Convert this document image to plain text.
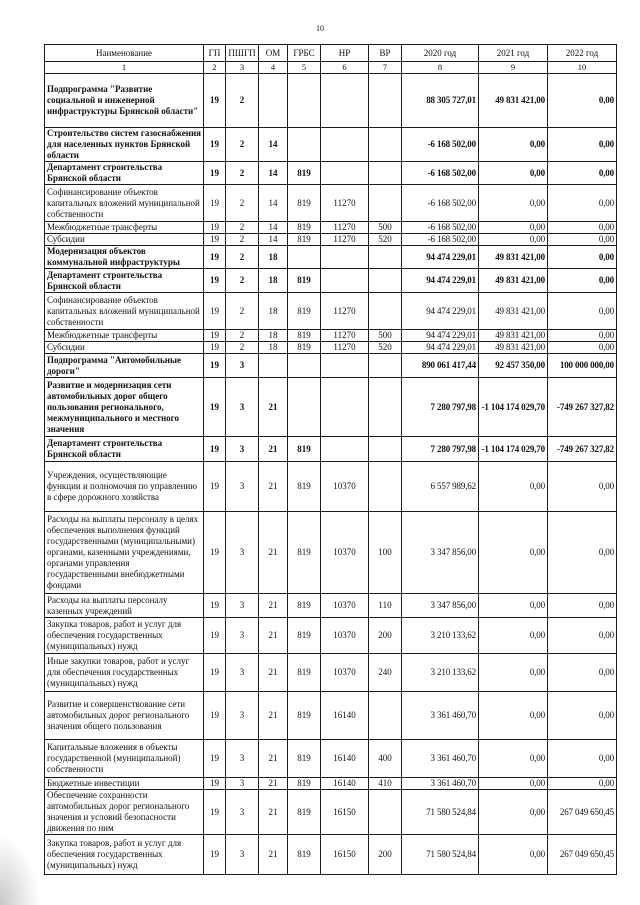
10
Наименование	ГП	ПШГП	ОМ	ГРБС	НР	ВР	2020 год	2021 год	2022 год
1	2	3	4	5	6	7	8	9	10
Подпрограмма "Развитие социальной и инженерной инфраструктуры Брянской области"	19	2					88 305 727,01	49 831 421,00	0,00
Строительство систем газоснабжения для населенных пунктов Брянской области	19	2	14				-6 168 502,00	0,00	0,00
Департамент строительства Брянской области	19	2	14	819			-6 168 502,00	0,00	0,00
Софинансирование объектов капитальных вложений муниципальной собственности	19	2	14	819	11270		-6 168 502,00	0,00	0,00
Межбюджетные трансферты	19	2	14	819	11270	500	-6 168 502,00	0,00	0,00
Субсидии	19	2	14	819	11270	520	-6 168 502,00	0,00	0,00
Модернизация объектов коммунальной инфраструктуры	19	2	18				94 474 229,01	49 831 421,00	0,00
Департамент строительства Брянской области	19	2	18	819			94 474 229,01	49 831 421,00	0,00
Софинансирование объектов капитальных вложений муниципальной собственности	19	2	18	819	11270		94 474 229,01	49 831 421,00	0,00
Межбюджетные трансферты	19	2	18	819	11270	500	94 474 229,01	49 831 421,00	0,00
Субсидии	19	2	18	819	11270	520	94 474 229,01	49 831 421,00	0,00
Подпрограмма "Автомобильные дороги"	19	3					890 061 417,44	92 457 350,00	100 000 000,00
Развитие и модернизация сети автомобильных дорог общего пользования регионального, межмуниципального и местного значения	19	3	21				7 280 797,98	-1 104 174 029,70	-749 267 327,82
Департамент строительства Брянской области	19	3	21	819			7 280 797,98	-1 104 174 029,70	-749 267 327,82
Учреждения, осуществляющие функции и полномочия по управлению в сфере дорожного хозяйства	19	3	21	819	10370		6 557 989,62	0,00	0,00
Расходы на выплаты персоналу в целях обеспечения выполнения функций государственными (муниципальными) органами, казенными учреждениями, органами управления государственными внебюджетными фондами	19	3	21	819	10370	100	3 347 856,00	0,00	0,00
Расходы на выплаты персоналу казенных учреждений	19	3	21	819	10370	110	3 347 856,00	0,00	0,00
Закупка товаров, работ и услуг для обеспечения государственных (муниципальных) нужд	19	3	21	819	10370	200	3 210 133,62	0,00	0,00
Иные закупки товаров, работ и услуг для обеспечения государственных (муниципальных) нужд	19	3	21	819	10370	240	3 210 133,62	0,00	0,00
Развитие и совершенствование сети автомобильных дорог регионального значения общего пользования	19	3	21	819	16140		3 361 460,70	0,00	0,00
Капитальные вложения в объекты государственной (муниципальной) собственности	19	3	21	819	16140	400	3 361 460,70	0,00	0,00
Бюджетные инвестиции	19	3	21	819	16140	410	3 361 460,70	0,00	0,00
Обеспечение сохранности автомобильных дорог регионального значения и условий безопасности движения по ним	19	3	21	819	16150		71 580 524,84	0,00	267 049 650,45
Закупка товаров, работ и услуг для обеспечения государственных (муниципальных) нужд	19	3	21	819	16150	200	71 580 524,84	0,00	267 049 650,45
